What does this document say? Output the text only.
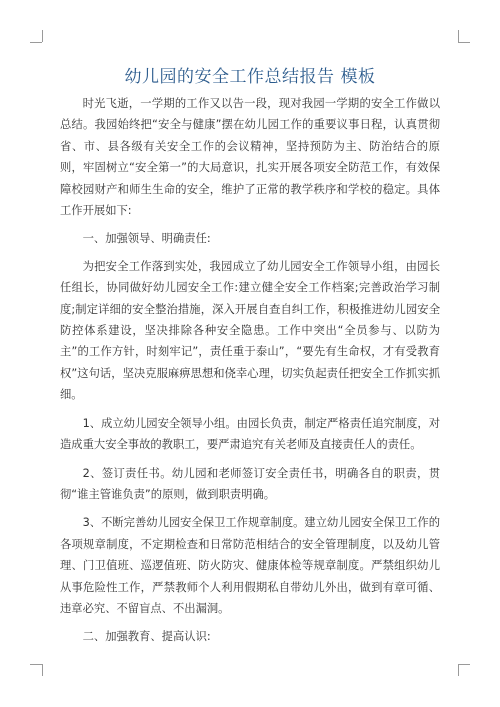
幼儿园的安全工作总结报告 模板

时光飞逝，一学期的工作又以告一段，现对我园一学期的安全工作做以总结。我园始终把“安全与健康”摆在幼儿园工作的重要议事日程，认真贯彻省、市、县各级有关安全工作的会议精神，坚持预防为主、防治结合的原则，牢固树立“安全第一”的大局意识，扎实开展各项安全防范工作，有效保障校园财产和师生生命的安全，维护了正常的教学秩序和学校的稳定。具体工作开展如下:

一、加强领导、明确责任:

为把安全工作落到实处，我园成立了幼儿园安全工作领导小组，由园长任组长，协同做好幼儿园安全工作:建立健全安全工作档案;完善政治学习制度;制定详细的安全整治措施，深入开展自查自纠工作，积极推进幼儿园安全防控体系建设，坚决排除各种安全隐患。工作中突出“全员参与、以防为主”的工作方针，时刻牢记”，责任重于泰山”，“要先有生命权，才有受教育权”这句话，坚决克服麻痹思想和侥幸心理，切实负起责任把安全工作抓实抓细。

1、成立幼儿园安全领导小组。由园长负责，制定严格责任追究制度，对造成重大安全事故的教职工，要严肃追究有关老师及直接责任人的责任。

2、签订责任书。幼儿园和老师签订安全责任书，明确各自的职责，贯彻“谁主管谁负责”的原则，做到职责明确。

3、不断完善幼儿园安全保卫工作规章制度。建立幼儿园安全保卫工作的各项规章制度，不定期检查和日常防范相结合的安全管理制度，以及幼儿管理、门卫值班、巡逻值班、防火防灾、健康体检等规章制度。严禁组织幼儿从事危险性工作，严禁教师个人利用假期私自带幼儿外出，做到有章可循、违章必究、不留盲点、不出漏洞。

二、加强教育、提高认识:
